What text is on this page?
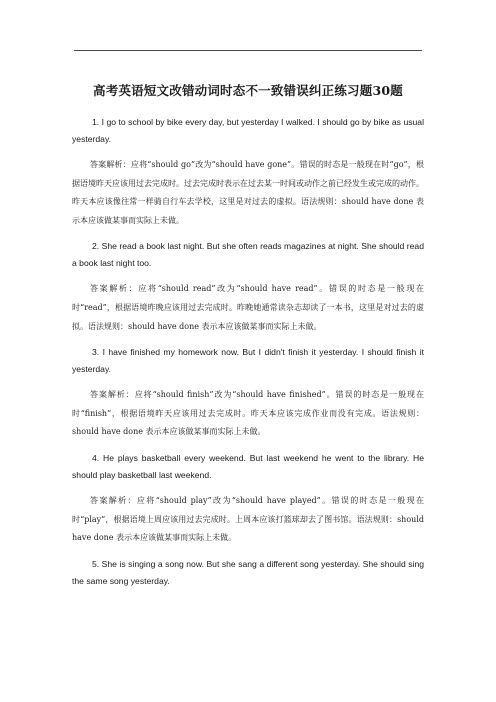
高考英语短文改错动词时态不一致错误纠正练习题30题

1. I go to school by bike every day, but yesterday I walked. I should go by bike as usual yesterday.

答案解析：应将“should go”改为“should have gone”。错误的时态是一般现在时“go”，根据语境昨天应该用过去完成时。过去完成时表示在过去某一时间或动作之前已经发生或完成的动作。昨天本应该像往常一样骑自行车去学校，这里是对过去的虚拟。语法规则：should have done 表示本应该做某事而实际上未做。

2. She read a book last night. But she often reads magazines at night. She should read a book last night too.

答案解析：应将“should read”改为“should have read”。错误的时态是一般现在时“read”，根据语境昨晚应该用过去完成时。昨晚她通常读杂志却读了一本书，这里是对过去的虚拟。语法规则：should have done 表示本应该做某事而实际上未做。

3. I have finished my homework now. But I didn't finish it yesterday. I should finish it yesterday.

答案解析：应将“should finish”改为“should have finished”。错误的时态是一般现在时“finish”，根据语境昨天应该用过去完成时。昨天本应该完成作业而没有完成。语法规则：should have done 表示本应该做某事而实际上未做。

4. He plays basketball every weekend. But last weekend he went to the library. He should play basketball last weekend.

答案解析：应将“should play”改为“should have played”。错误的时态是一般现在时“play”，根据语境上周应该用过去完成时。上周本应该打篮球却去了图书馆。语法规则：should have done 表示本应该做某事而实际上未做。

5. She is singing a song now. But she sang a different song yesterday. She should sing the same song yesterday.
